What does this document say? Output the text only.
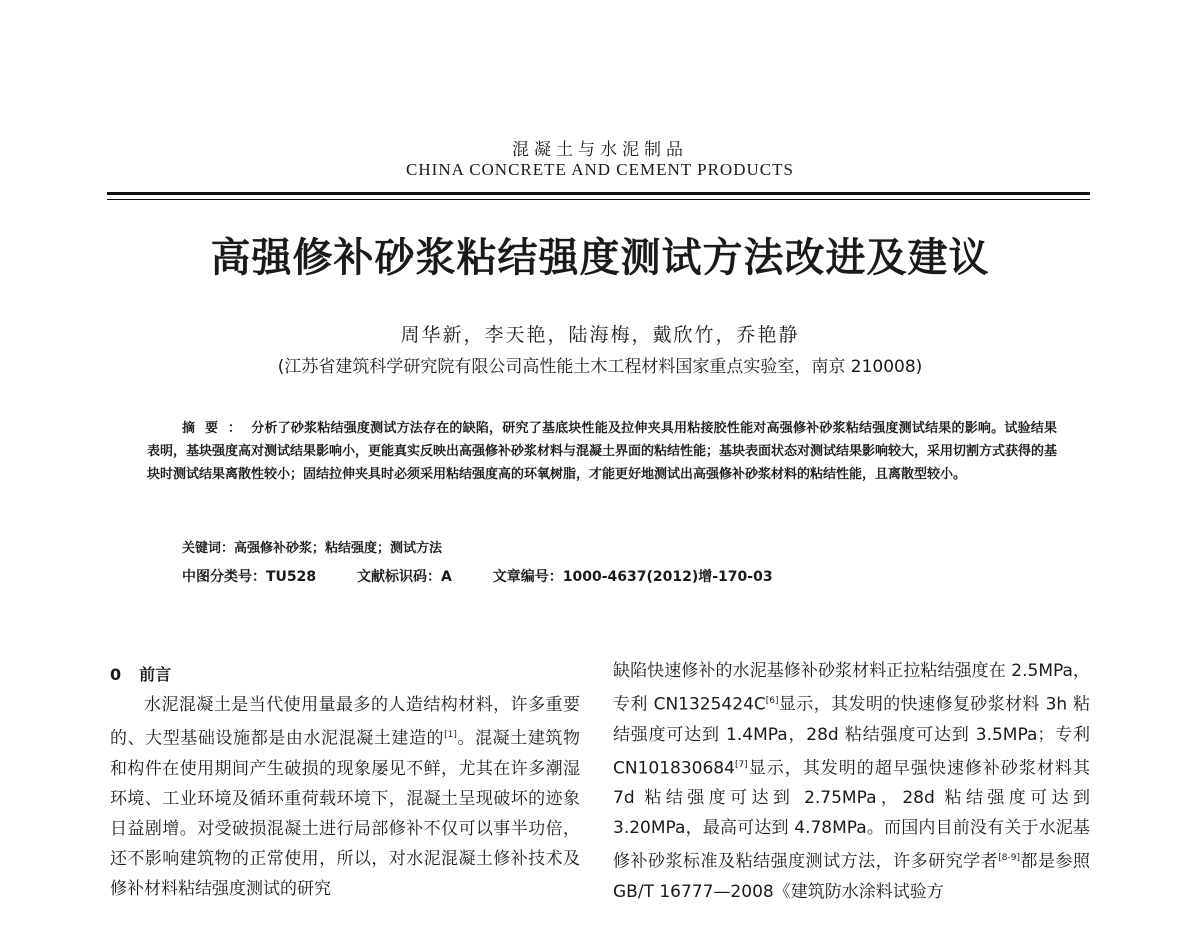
混凝土与水泥制品
CHINA CONCRETE AND CEMENT PRODUCTS
高强修补砂浆粘结强度测试方法改进及建议
周华新，李天艳，陆海梅，戴欣竹，乔艳静
(江苏省建筑科学研究院有限公司高性能土木工程材料国家重点实验室，南京 210008)
摘要：分析了砂浆粘结强度测试方法存在的缺陷，研究了基底块性能及拉伸夹具用粘接胶性能对高强修补砂浆粘结强度测试结果的影响。试验结果表明，基块强度高对测试结果影响小，更能真实反映出高强修补砂浆材料与混凝土界面的粘结性能；基块表面状态对测试结果影响较大，采用切割方式获得的基块时测试结果离散性较小；固结拉伸夹具时必须采用粘结强度高的环氧树脂，才能更好地测试出高强修补砂浆材料的粘结性能，且离散型较小。
关键词：高强修补砂浆；粘结强度；测试方法
中图分类号：TU528	文献标识码：A	文章编号：1000-4637(2012)增-170-03
0 前言

水泥混凝土是当代使用量最多的人造结构材料，许多重要的、大型基础设施都是由水泥混凝土建造的[1]。混凝土建筑物和构件在使用期间产生破损的现象屡见不鲜，尤其在许多潮湿环境、工业环境及循环重荷载环境下，混凝土呈现破坏的迹象日益剧增。对受破损混凝土进行局部修补不仅可以事半功倍，还不影响建筑物的正常使用，所以，对水泥混凝土修补技术及修补材料粘结强度测试的研究

缺陷快速修补的水泥基修补砂浆材料正拉粘结强度在 2.5MPa，专利 CN1325424C[6]显示，其发明的快速修复砂浆材料 3h 粘结强度可达到 1.4MPa，28d 粘结强度可达到 3.5MPa；专利 CN101830684[7]显示，其发明的超早强快速修补砂浆材料其 7d 粘结强度可达到 2.75MPa，28d 粘结强度可达到 3.20MPa，最高可达到 4.78MPa。而国内目前没有关于水泥基修补砂浆标准及粘结强度测试方法，许多研究学者[8-9]都是参照 GB/T 16777—2008《建筑防水涂料试验方
